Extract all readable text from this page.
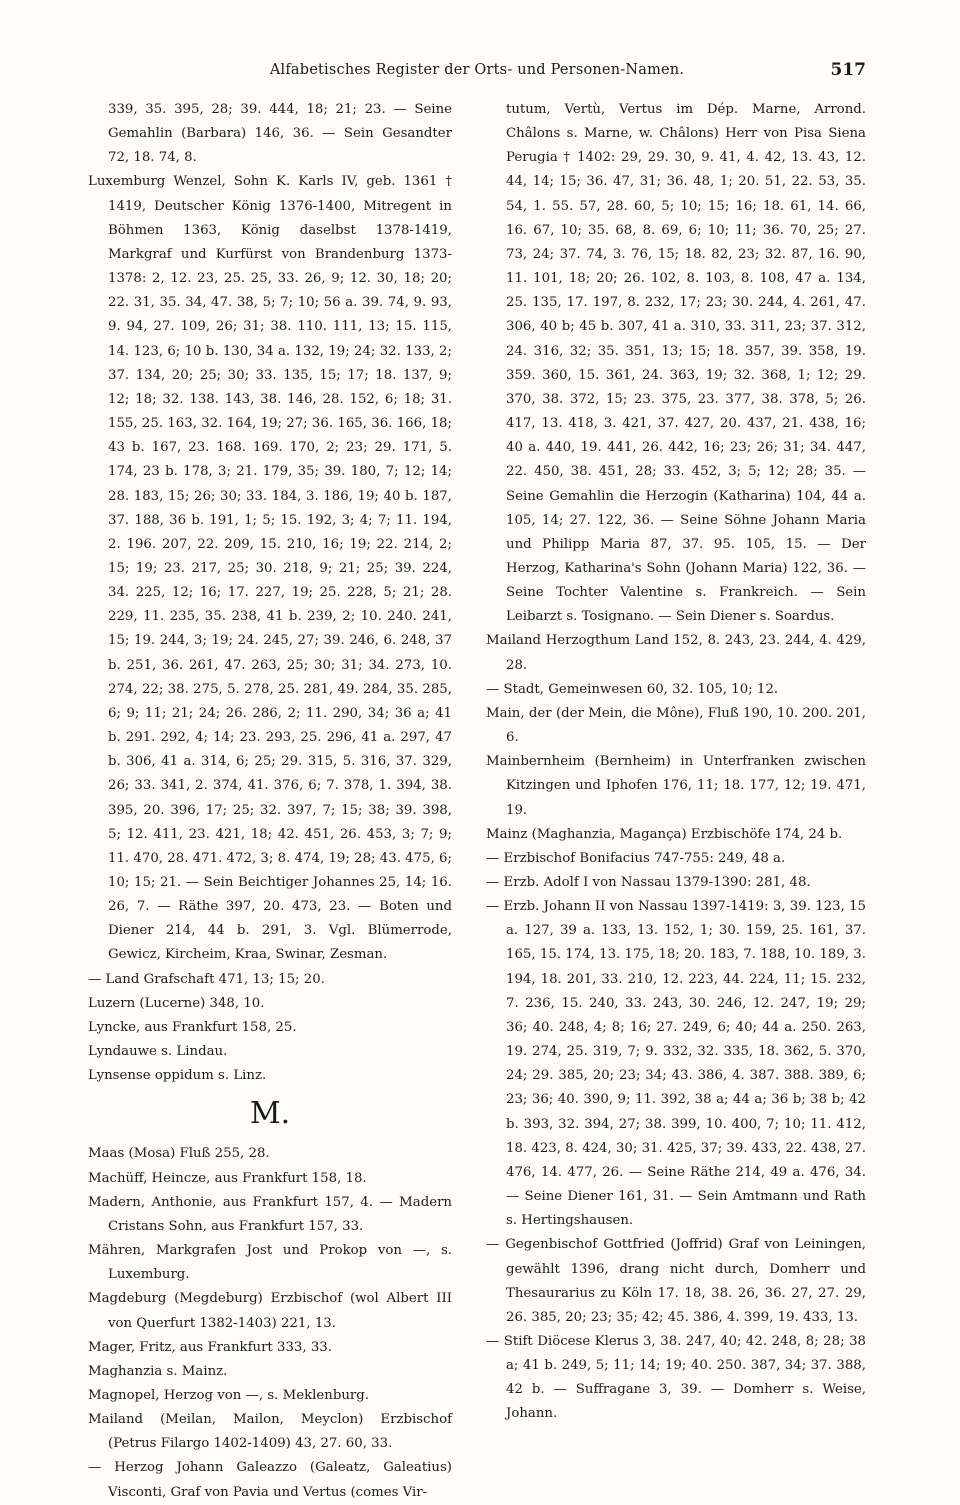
Alfabetisches Register der Orts- und Personen-Namen.	517

339, 35. 395, 28; 39. 444, 18; 21; 23. — Seine Gemahlin (Barbara) 146, 36. — Sein Gesandter 72, 18. 74, 8.

Luxemburg Wenzel, Sohn K. Karls IV, geb. 1361 † 1419, Deutscher König 1376-1400, Mitregent in Böhmen 1363, König daselbst 1378-1419, Markgraf und Kurfürst von Brandenburg 1373-1378: 2, 12. 23, 25. 25, 33. 26, 9; 12. 30, 18; 20; 22. 31, 35. 34, 47. 38, 5; 7; 10; 56 a. 39. 74, 9. 93, 9. 94, 27. 109, 26; 31; 38. 110. 111, 13; 15. 115, 14. 123, 6; 10 b. 130, 34 a. 132, 19; 24; 32. 133, 2; 37. 134, 20; 25; 30; 33. 135, 15; 17; 18. 137, 9; 12; 18; 32. 138. 143, 38. 146, 28. 152, 6; 18; 31. 155, 25. 163, 32. 164, 19; 27; 36. 165, 36. 166, 18; 43 b. 167, 23. 168. 169. 170, 2; 23; 29. 171, 5. 174, 23 b. 178, 3; 21. 179, 35; 39. 180, 7; 12; 14; 28. 183, 15; 26; 30; 33. 184, 3. 186, 19; 40 b. 187, 37. 188, 36 b. 191, 1; 5; 15. 192, 3; 4; 7; 11. 194, 2. 196. 207, 22. 209, 15. 210, 16; 19; 22. 214, 2; 15; 19; 23. 217, 25; 30. 218, 9; 21; 25; 39. 224, 34. 225, 12; 16; 17. 227, 19; 25. 228, 5; 21; 28. 229, 11. 235, 35. 238, 41 b. 239, 2; 10. 240. 241, 15; 19. 244, 3; 19; 24. 245, 27; 39. 246, 6. 248, 37 b. 251, 36. 261, 47. 263, 25; 30; 31; 34. 273, 10. 274, 22; 38. 275, 5. 278, 25. 281, 49. 284, 35. 285, 6; 9; 11; 21; 24; 26. 286, 2; 11. 290, 34; 36 a; 41 b. 291. 292, 4; 14; 23. 293, 25. 296, 41 a. 297, 47 b. 306, 41 a. 314, 6; 25; 29. 315, 5. 316, 37. 329, 26; 33. 341, 2. 374, 41. 376, 6; 7. 378, 1. 394, 38. 395, 20. 396, 17; 25; 32. 397, 7; 15; 38; 39. 398, 5; 12. 411, 23. 421, 18; 42. 451, 26. 453, 3; 7; 9; 11. 470, 28. 471. 472, 3; 8. 474, 19; 28; 43. 475, 6; 10; 15; 21. — Sein Beichtiger Johannes 25, 14; 16. 26, 7. — Räthe 397, 20. 473, 23. — Boten und Diener 214, 44 b. 291, 3. Vgl. Blümerrode, Gewicz, Kircheim, Kraa, Swinar, Zesman.

— Land Grafschaft 471, 13; 15; 20.

Luzern (Lucerne) 348, 10.

Lyncke, aus Frankfurt 158, 25.

Lyndauwe s. Lindau.

Lynsense oppidum s. Linz.

M.

Maas (Mosa) Fluß 255, 28.

Machüff, Heincze, aus Frankfurt 158, 18.

Madern, Anthonie, aus Frankfurt 157, 4. — Madern Cristans Sohn, aus Frankfurt 157, 33.

Mähren, Markgrafen Jost und Prokop von —, s. Luxemburg.

Magdeburg (Megdeburg) Erzbischof (wol Albert III von Querfurt 1382-1403) 221, 13.

Mager, Fritz, aus Frankfurt 333, 33.

Maghanzia s. Mainz.

Magnopel, Herzog von —, s. Meklenburg.

Mailand (Meilan, Mailon, Meyclon) Erzbischof (Petrus Filargo 1402-1409) 43, 27. 60, 33.

— Herzog Johann Galeazzo (Galeatz, Galeatius) Visconti, Graf von Pavia und Vertus (comes Vir-

tutum, Vertù, Vertus im Dép. Marne, Arrond. Châlons s. Marne, w. Châlons) Herr von Pisa Siena Perugia † 1402: 29, 29. 30, 9. 41, 4. 42, 13. 43, 12. 44, 14; 15; 36. 47, 31; 36. 48, 1; 20. 51, 22. 53, 35. 54, 1. 55. 57, 28. 60, 5; 10; 15; 16; 18. 61, 14. 66, 16. 67, 10; 35. 68, 8. 69, 6; 10; 11; 36. 70, 25; 27. 73, 24; 37. 74, 3. 76, 15; 18. 82, 23; 32. 87, 16. 90, 11. 101, 18; 20; 26. 102, 8. 103, 8. 108, 47 a. 134, 25. 135, 17. 197, 8. 232, 17; 23; 30. 244, 4. 261, 47. 306, 40 b; 45 b. 307, 41 a. 310, 33. 311, 23; 37. 312, 24. 316, 32; 35. 351, 13; 15; 18. 357, 39. 358, 19. 359. 360, 15. 361, 24. 363, 19; 32. 368, 1; 12; 29. 370, 38. 372, 15; 23. 375, 23. 377, 38. 378, 5; 26. 417, 13. 418, 3. 421, 37. 427, 20. 437, 21. 438, 16; 40 a. 440, 19. 441, 26. 442, 16; 23; 26; 31; 34. 447, 22. 450, 38. 451, 28; 33. 452, 3; 5; 12; 28; 35. — Seine Gemahlin die Herzogin (Katharina) 104, 44 a. 105, 14; 27. 122, 36. — Seine Söhne Johann Maria und Philipp Maria 87, 37. 95. 105, 15. — Der Herzog, Katharina's Sohn (Johann Maria) 122, 36. — Seine Tochter Valentine s. Frankreich. — Sein Leibarzt s. Tosignano. — Sein Diener s. Soardus.

Mailand Herzogthum Land 152, 8. 243, 23. 244, 4. 429, 28.

— Stadt, Gemeinwesen 60, 32. 105, 10; 12.

Main, der (der Mein, die Mône), Fluß 190, 10. 200. 201, 6.

Mainbernheim (Bernheim) in Unterfranken zwischen Kitzingen und Iphofen 176, 11; 18. 177, 12; 19. 471, 19.

Mainz (Maghanzia, Magança) Erzbischöfe 174, 24 b.

— Erzbischof Bonifacius 747-755: 249, 48 a.

— Erzb. Adolf I von Nassau 1379-1390: 281, 48.

— Erzb. Johann II von Nassau 1397-1419: 3, 39. 123, 15 a. 127, 39 a. 133, 13. 152, 1; 30. 159, 25. 161, 37. 165, 15. 174, 13. 175, 18; 20. 183, 7. 188, 10. 189, 3. 194, 18. 201, 33. 210, 12. 223, 44. 224, 11; 15. 232, 7. 236, 15. 240, 33. 243, 30. 246, 12. 247, 19; 29; 36; 40. 248, 4; 8; 16; 27. 249, 6; 40; 44 a. 250. 263, 19. 274, 25. 319, 7; 9. 332, 32. 335, 18. 362, 5. 370, 24; 29. 385, 20; 23; 34; 43. 386, 4. 387. 388. 389, 6; 23; 36; 40. 390, 9; 11. 392, 38 a; 44 a; 36 b; 38 b; 42 b. 393, 32. 394, 27; 38. 399, 10. 400, 7; 10; 11. 412, 18. 423, 8. 424, 30; 31. 425, 37; 39. 433, 22. 438, 27. 476, 14. 477, 26. — Seine Räthe 214, 49 a. 476, 34. — Seine Diener 161, 31. — Sein Amtmann und Rath s. Hertingshausen.

— Gegenbischof Gottfried (Joffrid) Graf von Leiningen, gewählt 1396, drang nicht durch, Domherr und Thesaurarius zu Köln 17. 18, 38. 26, 36. 27, 27. 29, 26. 385, 20; 23; 35; 42; 45. 386, 4. 399, 19. 433, 13.

— Stift Diöcese Klerus 3, 38. 247, 40; 42. 248, 8; 28; 38 a; 41 b. 249, 5; 11; 14; 19; 40. 250. 387, 34; 37. 388, 42 b. — Suffragane 3, 39. — Domherr s. Weise, Johann.
